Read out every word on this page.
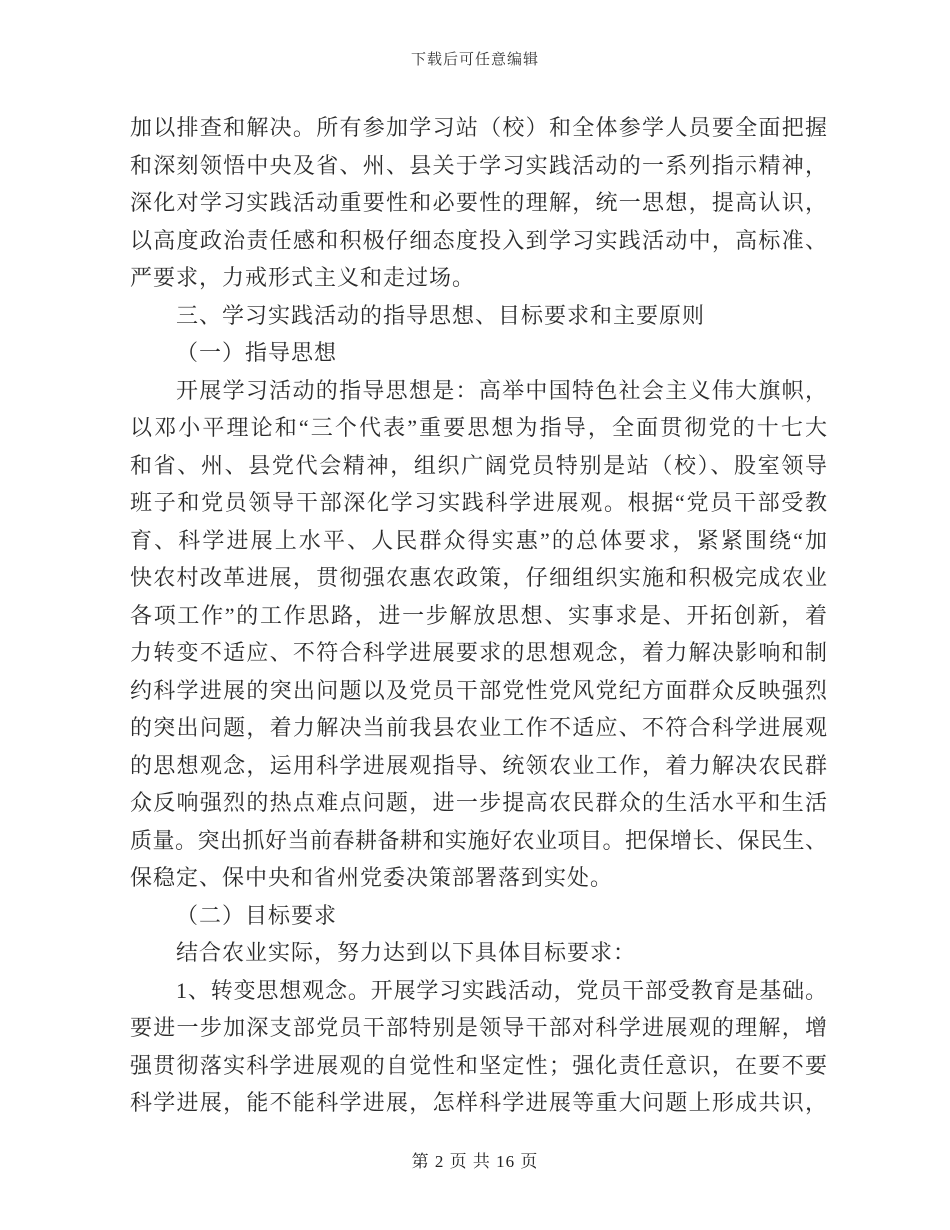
下载后可任意编辑
加以排查和解决。所有参加学习站（校）和全体参学人员要全面把握
和深刻领悟中央及省、州、县关于学习实践活动的一系列指示精神，
深化对学习实践活动重要性和必要性的理解，统一思想，提高认识，
以高度政治责任感和积极仔细态度投入到学习实践活动中，高标准、
严要求，力戒形式主义和走过场。
三、学习实践活动的指导思想、目标要求和主要原则
（一）指导思想
开展学习活动的指导思想是：高举中国特色社会主义伟大旗帜，
以邓小平理论和“三个代表”重要思想为指导，全面贯彻党的十七大
和省、州、县党代会精神，组织广阔党员特别是站（校）、股室领导
班子和党员领导干部深化学习实践科学进展观。根据“党员干部受教
育、科学进展上水平、人民群众得实惠”的总体要求，紧紧围绕“加
快农村改革进展，贯彻强农惠农政策，仔细组织实施和积极完成农业
各项工作”的工作思路，进一步解放思想、实事求是、开拓创新，着
力转变不适应、不符合科学进展要求的思想观念，着力解决影响和制
约科学进展的突出问题以及党员干部党性党风党纪方面群众反映强烈
的突出问题，着力解决当前我县农业工作不适应、不符合科学进展观
的思想观念，运用科学进展观指导、统领农业工作，着力解决农民群
众反响强烈的热点难点问题，进一步提高农民群众的生活水平和生活
质量。突出抓好当前春耕备耕和实施好农业项目。把保增长、保民生、
保稳定、保中央和省州党委决策部署落到实处。
（二）目标要求
结合农业实际，努力达到以下具体目标要求：
1、转变思想观念。开展学习实践活动，党员干部受教育是基础。
要进一步加深支部党员干部特别是领导干部对科学进展观的理解，增
强贯彻落实科学进展观的自觉性和坚定性；强化责任意识，在要不要
科学进展，能不能科学进展，怎样科学进展等重大问题上形成共识，
第 2 页 共 16 页
